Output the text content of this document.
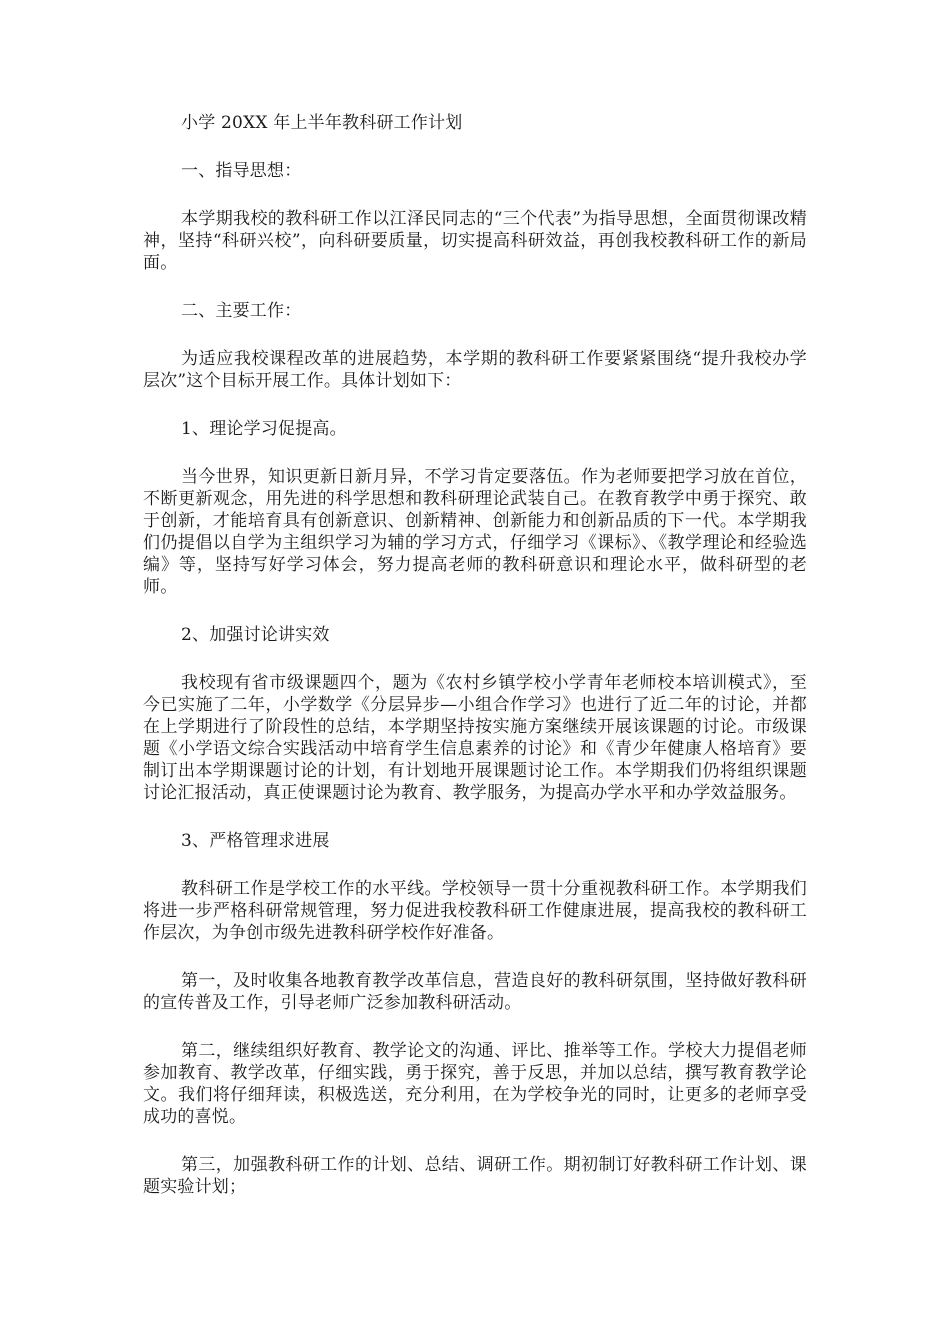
小学 20XX 年上半年教科研工作计划

一、指导思想：

本学期我校的教科研工作以江泽民同志的“三个代表”为指导思想，全面贯彻课改精神，坚持“科研兴校”，向科研要质量，切实提高科研效益，再创我校教科研工作的新局面。

二、主要工作：

为适应我校课程改革的进展趋势，本学期的教科研工作要紧紧围绕“提升我校办学层次”这个目标开展工作。具体计划如下：

1、理论学习促提高。

当今世界，知识更新日新月异，不学习肯定要落伍。作为老师要把学习放在首位，不断更新观念，用先进的科学思想和教科研理论武装自己。在教育教学中勇于探究、敢于创新，才能培育具有创新意识、创新精神、创新能力和创新品质的下一代。本学期我们仍提倡以自学为主组织学习为辅的学习方式，仔细学习《课标》、《教学理论和经验选编》等，坚持写好学习体会，努力提高老师的教科研意识和理论水平，做科研型的老师。

2、加强讨论讲实效

我校现有省市级课题四个，题为《农村乡镇学校小学青年老师校本培训模式》，至今已实施了二年，小学数学《分层异步—小组合作学习》也进行了近二年的讨论，并都在上学期进行了阶段性的总结，本学期坚持按实施方案继续开展该课题的讨论。市级课题《小学语文综合实践活动中培育学生信息素养的讨论》和《青少年健康人格培育》要制订出本学期课题讨论的计划，有计划地开展课题讨论工作。本学期我们仍将组织课题讨论汇报活动，真正使课题讨论为教育、教学服务，为提高办学水平和办学效益服务。

3、严格管理求进展

教科研工作是学校工作的水平线。学校领导一贯十分重视教科研工作。本学期我们将进一步严格科研常规管理，努力促进我校教科研工作健康进展，提高我校的教科研工作层次，为争创市级先进教科研学校作好准备。

第一，及时收集各地教育教学改革信息，营造良好的教科研氛围，坚持做好教科研的宣传普及工作，引导老师广泛参加教科研活动。

第二，继续组织好教育、教学论文的沟通、评比、推举等工作。学校大力提倡老师参加教育、教学改革，仔细实践，勇于探究，善于反思，并加以总结，撰写教育教学论文。我们将仔细拜读，积极选送，充分利用，在为学校争光的同时，让更多的老师享受成功的喜悦。

第三，加强教科研工作的计划、总结、调研工作。期初制订好教科研工作计划、课题实验计划；
